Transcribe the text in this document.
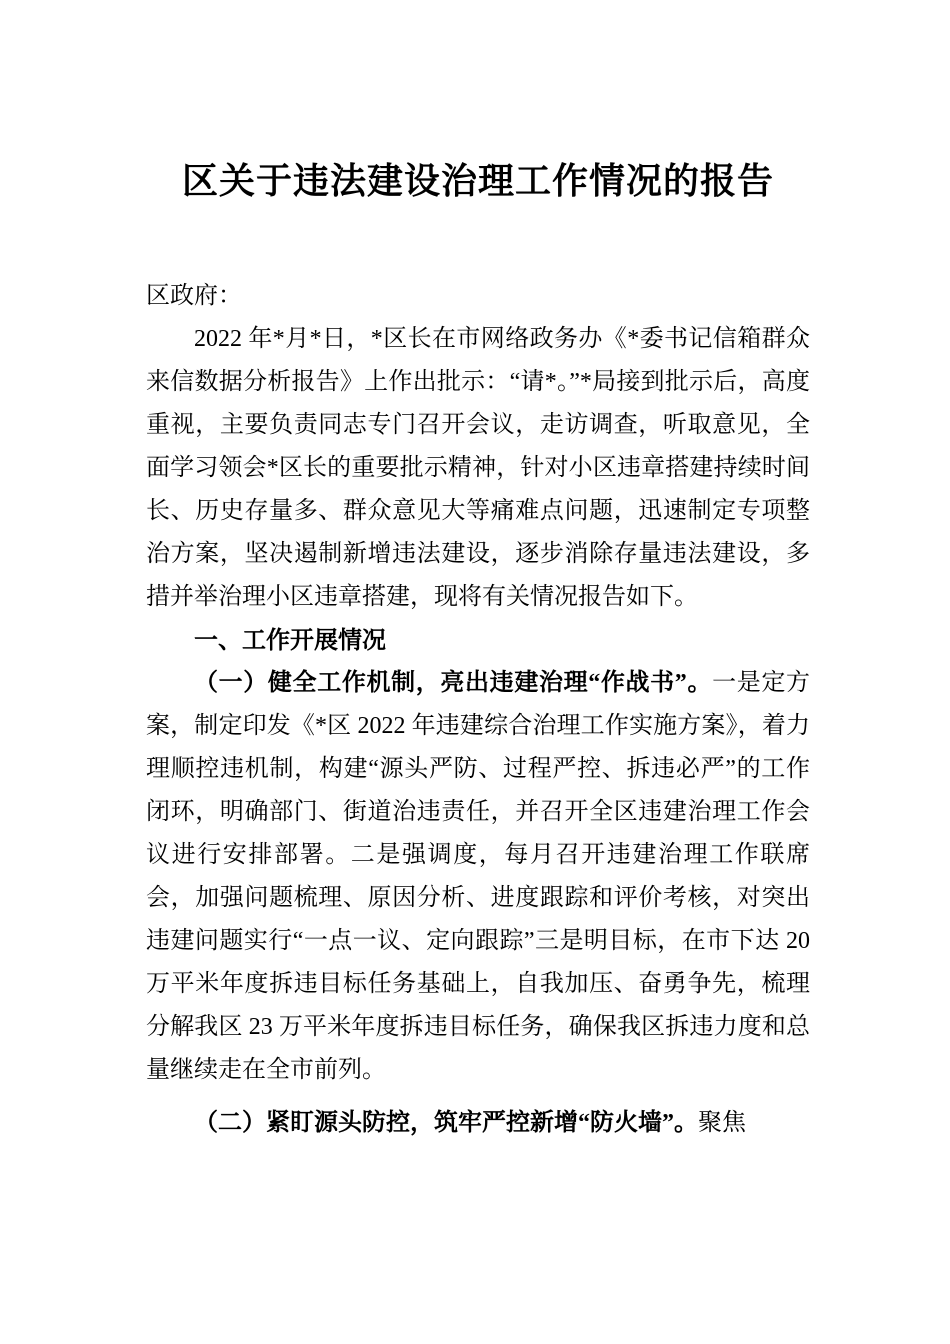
区关于违法建设治理工作情况的报告

区政府：

2022 年*月*日，*区长在市网络政务办《*委书记信箱群众来信数据分析报告》上作出批示：“请*。”*局接到批示后，高度重视，主要负责同志专门召开会议，走访调查，听取意见，全面学习领会*区长的重要批示精神，针对小区违章搭建持续时间长、历史存量多、群众意见大等痛难点问题，迅速制定专项整治方案，坚决遏制新增违法建设，逐步消除存量违法建设，多措并举治理小区违章搭建，现将有关情况报告如下。

一、工作开展情况

（一）健全工作机制，亮出违建治理“作战书”。一是定方案，制定印发《*区 2022 年违建综合治理工作实施方案》，着力理顺控违机制，构建“源头严防、过程严控、拆违必严”的工作闭环，明确部门、街道治违责任，并召开全区违建治理工作会议进行安排部署。二是强调度，每月召开违建治理工作联席会，加强问题梳理、原因分析、进度跟踪和评价考核，对突出违建问题实行“一点一议、定向跟踪”三是明目标，在市下达 20 万平米年度拆违目标任务基础上，自我加压、奋勇争先，梳理分解我区 23 万平米年度拆违目标任务，确保我区拆违力度和总量继续走在全市前列。

（二）紧盯源头防控，筑牢严控新增“防火墙”。聚焦
